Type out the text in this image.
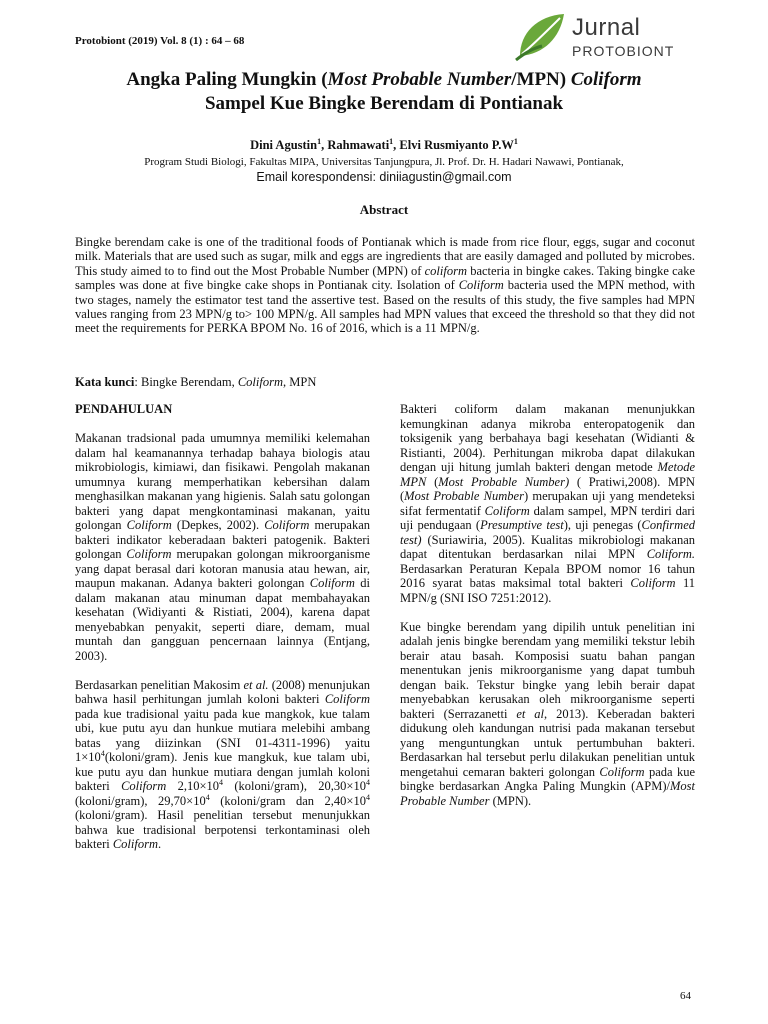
Protobiont (2019) Vol. 8 (1) : 64 – 68	Jurnal
PROTOBIONT
Angka Paling Mungkin (Most Probable Number/MPN) Coliform
Sampel Kue Bingke Berendam di Pontianak
Dini Agustin$^1$, Rahmawati$^1$, Elvi Rusmiyanto $P.W^1$
Program Studi Biologi, Fakultas MIPA, Universitas Tanjungpura, Jl. Prof. Dr. H. Hadari Nawawi, Pontianak,
Email korespondensi: diniiagustin@gmail.com
Abstract
Bingke berendam cake is one of the traditional foods of Pontianak which is made from rice flour, eggs, sugar and coconut milk. Materials that are used such as sugar, milk and eggs are ingredients that are easily damaged and polluted by microbes. This study aimed to to find out the Most Probable Number (MPN) of coliform bacteria in bingke cakes. Taking bingke cake samples was done at five bingke cake shops in Pontianak city. Isolation of Coliform bacteria used the MPN method, with two stages, namely the estimator test tand the assertive test. Based on the results of this study, the five samples had MPN values ranging from 23 MPN/g to> 100 MPN/g. All samples had MPN values that exceed the threshold so that they did not meet the requirements for PERKA BPOM No. 16 of 2016, which is a 11 MPN/g.
Kata kunci: Bingke Berendam, Coliform, MPN

PENDAHULUAN

Makanan tradsional pada umumnya memiliki kelemahan dalam hal keamanannya terhadap bahaya biologis atau mikrobiologis, kimiawi, dan fisikawi. Pengolah makanan umumnya kurang memperhatikan kebersihan dalam menghasilkan makanan yang higienis. Salah satu golongan bakteri yang dapat mengkontaminasi makanan, yaitu golongan Coliform (Depkes, 2002). Coliform merupakan bakteri indikator keberadaan bakteri patogenik. Bakteri golongan Coliform merupakan golongan mikroorganisme yang dapat berasal dari kotoran manusia atau hewan, air, maupun makanan. Adanya bakteri golongan Coliform di dalam makanan atau minuman dapat membahayakan kesehatan (Widiyanti & Ristiati, 2004), karena dapat menyebabkan penyakit, seperti diare, demam, mual muntah dan gangguan pencernaan lainnya (Entjang, 2003).

Berdasarkan penelitian Makosim et al. (2008) menunjukan bahwa hasil perhitungan jumlah koloni bakteri Coliform pada kue tradisional yaitu pada kue mangkok, kue talam ubi, kue putu ayu dan hunkue mutiara melebihi ambang batas yang diizinkan (SNI 01-4311-1996) yaitu $1\times 10^4(koloni/gram)$. Jenis kue mangkuk, kue talam ubi, kue putu ayu dan hunkue mutiara dengan jumlah koloni bakteri Coliform $2,10\times 10^4$ (koloni/gram), $20,30\times 10^4$ (koloni/gram), $29,70\times 10^4$ (koloni/gram dan $2,40\times 10^4$ (koloni/gram). Hasil penelitian tersebut menunjukkan bahwa kue tradisional berpotensi terkontaminasi oleh bakteri Coliform.

Bakteri coliform dalam makanan menunjukkan kemungkinan adanya mikroba enteropatogenik dan toksigenik yang berbahaya bagi kesehatan (Widianti & Ristianti, 2004). Perhitungan mikroba dapat dilakukan dengan uji hitung jumlah bakteri dengan metode Metode MPN (Most Probable Number) ( Pratiwi,2008). MPN (Most Probable Number) merupakan uji yang mendeteksi sifat fermentatif Coliform dalam sampel, MPN terdiri dari uji pendugaan (Presumptive test), uji penegas (Confirmed test) (Suriawiria, 2005). Kualitas mikrobiologi makanan dapat ditentukan berdasarkan nilai MPN Coliform. Berdasarkan Peraturan Kepala BPOM nomor 16 tahun 2016 syarat batas maksimal total bakteri Coliform 11 MPN/g (SNI ISO 7251:2012).

Kue bingke berendam yang dipilih untuk penelitian ini adalah jenis bingke berendam yang memiliki tekstur lebih berair atau basah. Komposisi suatu bahan pangan menentukan jenis mikroorganisme yang dapat tumbuh dengan baik. Tekstur bingke yang lebih berair dapat menyebabkan kerusakan oleh mikroorganisme seperti bakteri (Serrazanetti et al, 2013). Keberadan bakteri didukung oleh kandungan nutrisi pada makanan tersebut yang menguntungkan untuk pertumbuhan bakteri. Berdasarkan hal tersebut perlu dilakukan penelitian untuk mengetahui cemaran bakteri golongan Coliform pada kue bingke berdasarkan Angka Paling Mungkin (APM)/Most Probable Number (MPN).

64
